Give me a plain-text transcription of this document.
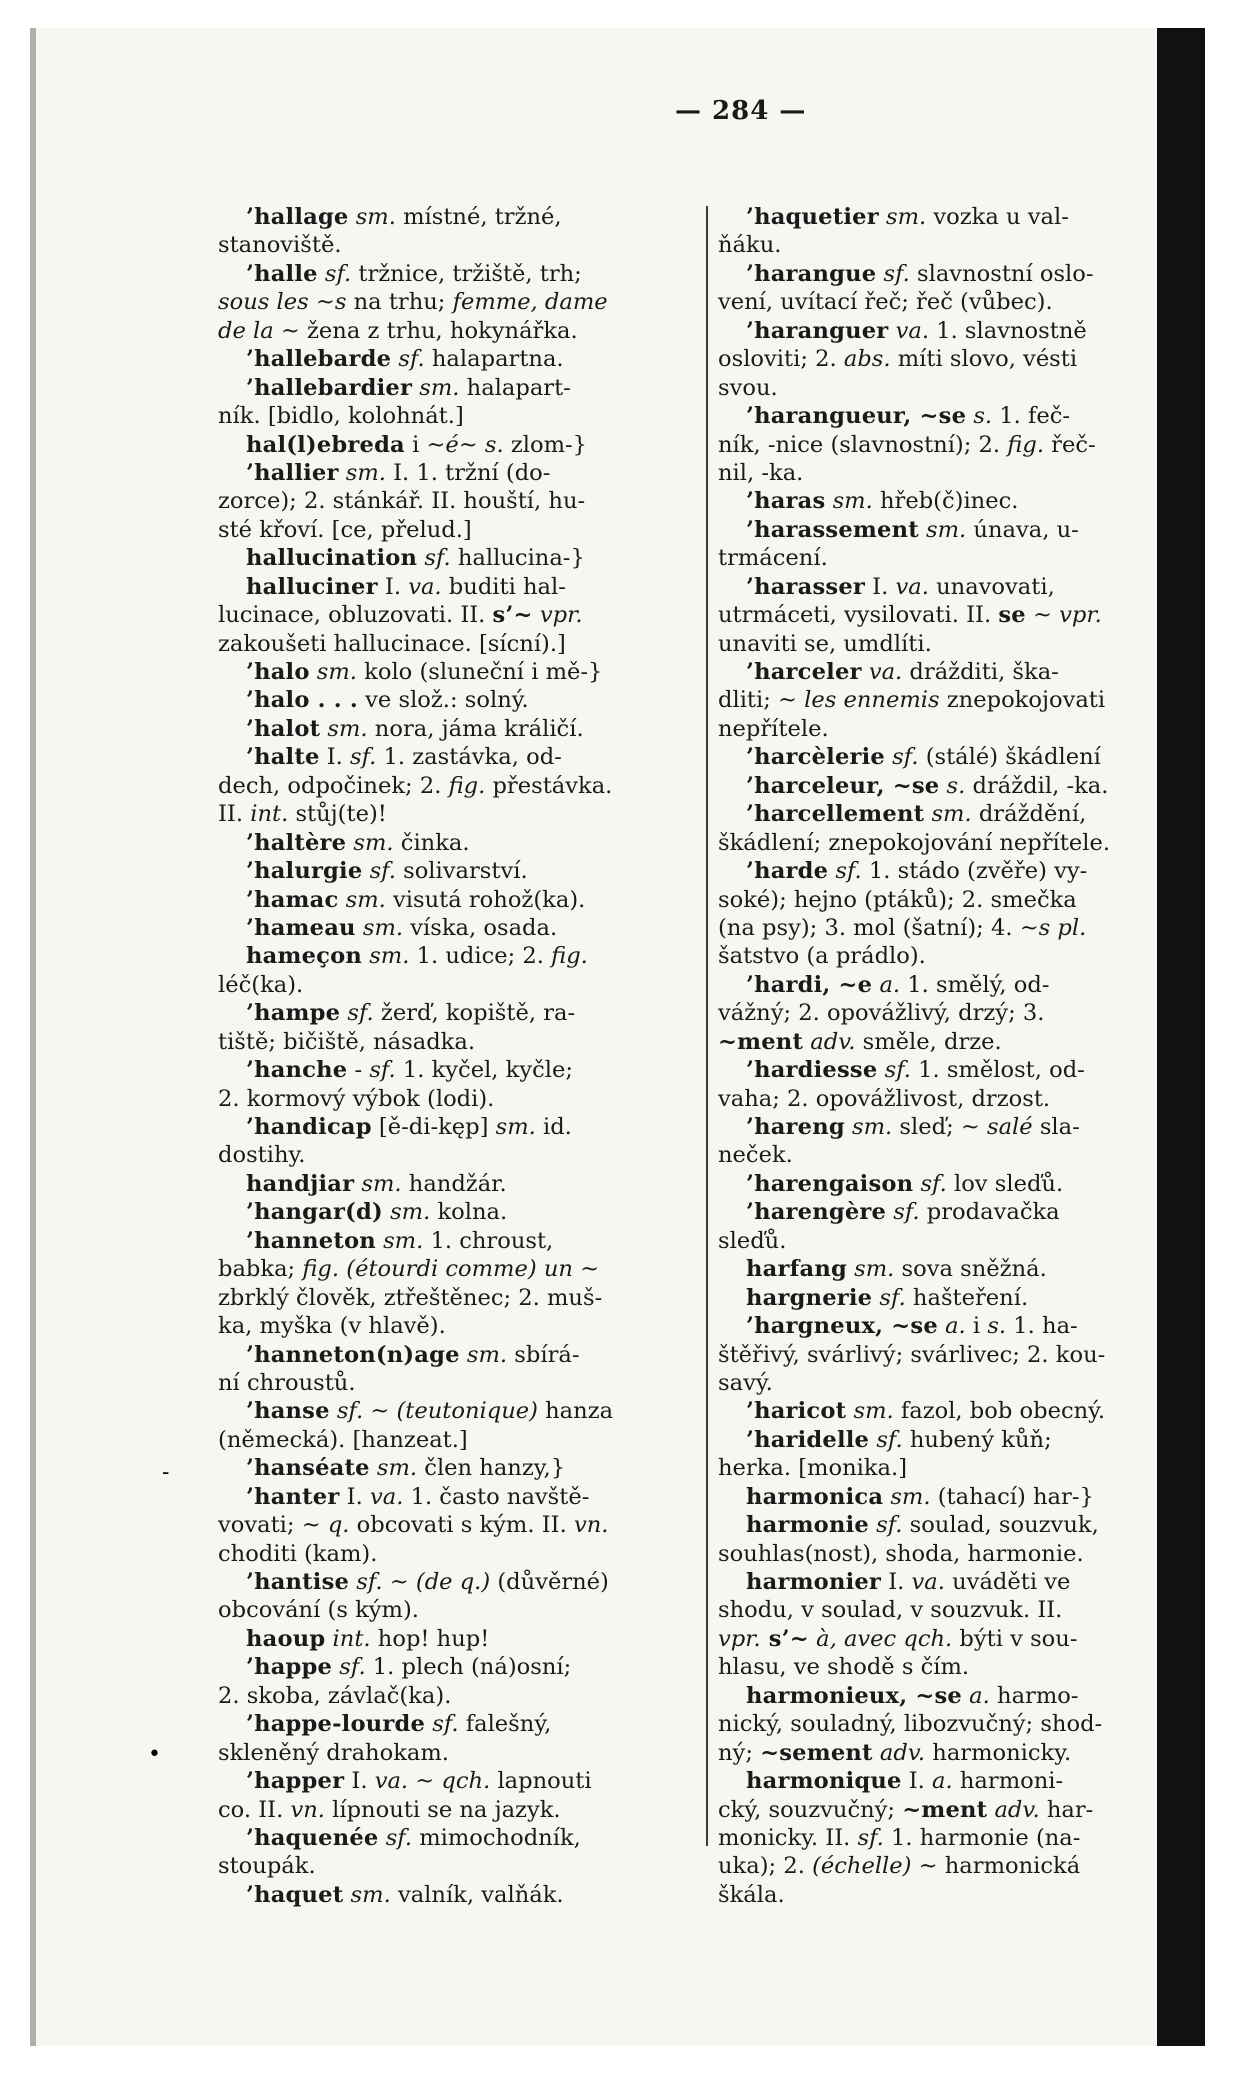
— 284 —
’hallage sm. místné, tržné,
stanoviště.
’halle sf. tržnice, tržiště, trh;
sous les ~s na trhu; femme, dame
de la ~ žena z trhu, hokynářka.
’hallebarde sf. halapartna.
’hallebardier sm. halapart-
ník. [bidlo, kolohnát.]
hal(l)ebreda i ~é~ s. zlom-}
’hallier sm. I. 1. tržní (do-
zorce); 2. stánkář. II. houští, hu-
sté křoví. [ce, přelud.]
hallucination sf. hallucina-}
halluciner I. va. buditi hal-
lucinace, obluzovati. II. s’~ vpr.
zakoušeti hallucinace. [sícní).]
’halo sm. kolo (sluneční i mě-}
’halo . . . ve slož.: solný.
’halot sm. nora, jáma králičí.
’halte I. sf. 1. zastávka, od-
dech, odpočinek; 2. fig. přestávka.
II. int. stůj(te)!
’haltère sm. činka.
’halurgie sf. solivarství.
’hamac sm. visutá rohož(ka).
’hameau sm. víska, osada.
hameçon sm. 1. udice; 2. fig.
léč(ka).
’hampe sf. žerď, kopiště, ra-
tiště; bičiště, násadka.
’hanche - sf. 1. kyčel, kyčle;
2. kormový výbok (lodi).
’handicap [ě-di-kęp] sm. id.
dostihy.
handjiar sm. handžár.
’hangar(d) sm. kolna.
’hanneton sm. 1. chroust,
babka; fig. (étourdi comme) un ~
zbrklý člověk, ztřeštěnec; 2. muš-
ka, myška (v hlavě).
’hanneton(n)age sm. sbírá-
ní chroustů.
’hanse sf. ~ (teutonique) hanza
(německá). [hanzeat.]
’hanséate sm. člen hanzy,}
’hanter I. va. 1. často navště-
vovati; ~ q. obcovati s kým. II. vn.
choditi (kam).
’hantise sf. ~ (de q.) (důvěrné)
obcování (s kým).
haoup int. hop! hup!
’happe sf. 1. plech (ná)osní;
2. skoba, závlač(ka).
’happe-lourde sf. falešný,
skleněný drahokam.
’happer I. va. ~ qch. lapnouti
co. II. vn. lípnouti se na jazyk.
’haquenée sf. mimochodník,
stoupák.
’haquet sm. valník, valňák.
’haquetier sm. vozka u val-
ňáku.
’harangue sf. slavnostní oslo-
vení, uvítací řeč; řeč (vůbec).
’haranguer va. 1. slavnostně
osloviti; 2. abs. míti slovo, vésti
svou.
’harangueur, ~se s. 1. feč-
ník, -nice (slavnostní); 2. fig. řeč-
nil, -ka.
’haras sm. hřeb(č)inec.
’harassement sm. únava, u-
trmácení.
’harasser I. va. unavovati,
utrmáceti, vysilovati. II. se ~ vpr.
unaviti se, umdlíti.
’harceler va. drážditi, ška-
dliti; ~ les ennemis znepokojovati
nepřítele.
’harcèlerie sf. (stálé) škádlení
’harceleur, ~se s. dráždil, -ka.
’harcellement sm. dráždění,
škádlení; znepokojování nepřítele.
’harde sf. 1. stádo (zvěře) vy-
soké); hejno (ptáků); 2. smečka
(na psy); 3. mol (šatní); 4. ~s pl.
šatstvo (a prádlo).
’hardi, ~e a. 1. smělý, od-
vážný; 2. opovážlivý, drzý; 3.
~ment adv. směle, drze.
’hardiesse sf. 1. smělost, od-
vaha; 2. opovážlivost, drzost.
’hareng sm. sleď; ~ salé sla-
neček.
’harengaison sf. lov sleďů.
’harengère sf. prodavačka
sleďů.
harfang sm. sova sněžná.
hargnerie sf. hašteření.
’hargneux, ~se a. i s. 1. ha-
štěřivý, svárlivý; svárlivec; 2. kou-
savý.
’haricot sm. fazol, bob obecný.
’haridelle sf. hubený kůň;
herka. [monika.]
harmonica sm. (tahací) har-}
harmonie sf. soulad, souzvuk,
souhlas(nost), shoda, harmonie.
harmonier I. va. uváděti ve
shodu, v soulad, v souzvuk. II.
vpr. s’~ à, avec qch. býti v sou-
hlasu, ve shodě s čím.
harmonieux, ~se a. harmo-
nický, souladný, libozvučný; shod-
ný; ~sement adv. harmonicky.
harmonique I. a. harmoni-
cký, souzvučný; ~ment adv. har-
monicky. II. sf. 1. harmonie (na-
uka); 2. (échelle) ~ harmonická
škála.
-
•
